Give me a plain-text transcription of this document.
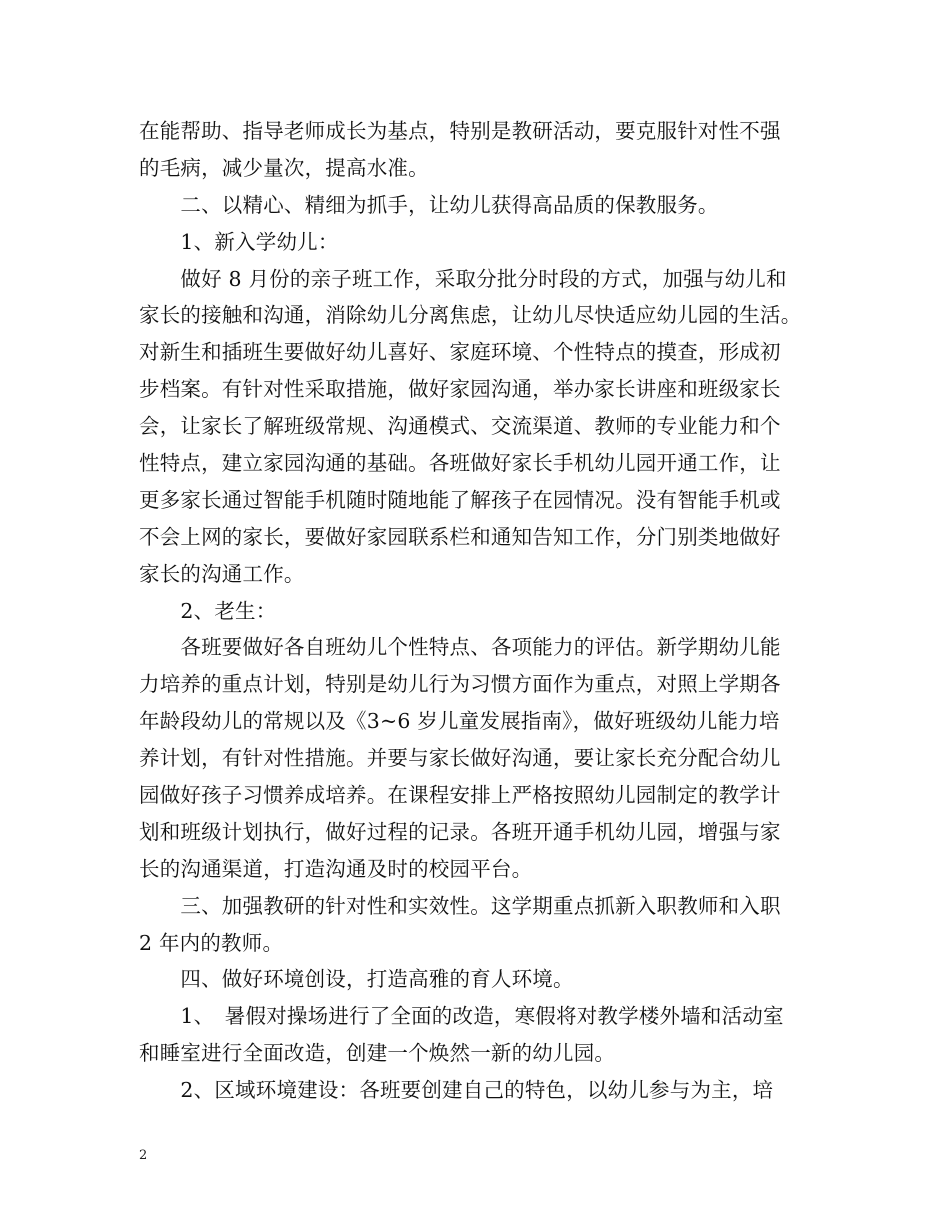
在能帮助、指导老师成长为基点，特别是教研活动，要克服针对性不强
的毛病，减少量次，提高水准。
　　二、以精心、精细为抓手，让幼儿获得高品质的保教服务。
　　1、新入学幼儿：
　　做好 8 月份的亲子班工作，采取分批分时段的方式，加强与幼儿和
家长的接触和沟通，消除幼儿分离焦虑，让幼儿尽快适应幼儿园的生活。
对新生和插班生要做好幼儿喜好、家庭环境、个性特点的摸查，形成初
步档案。有针对性采取措施，做好家园沟通，举办家长讲座和班级家长
会，让家长了解班级常规、沟通模式、交流渠道、教师的专业能力和个
性特点，建立家园沟通的基础。各班做好家长手机幼儿园开通工作，让
更多家长通过智能手机随时随地能了解孩子在园情况。没有智能手机或
不会上网的家长，要做好家园联系栏和通知告知工作，分门别类地做好
家长的沟通工作。
　　2、老生：
　　各班要做好各自班幼儿个性特点、各项能力的评估。新学期幼儿能
力培养的重点计划，特别是幼儿行为习惯方面作为重点，对照上学期各
年龄段幼儿的常规以及《3~6 岁儿童发展指南》，做好班级幼儿能力培
养计划，有针对性措施。并要与家长做好沟通，要让家长充分配合幼儿
园做好孩子习惯养成培养。在课程安排上严格按照幼儿园制定的教学计
划和班级计划执行，做好过程的记录。各班开通手机幼儿园，增强与家
长的沟通渠道，打造沟通及时的校园平台。
　　三、加强教研的针对性和实效性。这学期重点抓新入职教师和入职
2 年内的教师。
　　四、做好环境创设，打造高雅的育人环境。
　　1、　暑假对操场进行了全面的改造，寒假将对教学楼外墙和活动室
和睡室进行全面改造，创建一个焕然一新的幼儿园。
　　2、区域环境建设：各班要创建自己的特色，以幼儿参与为主，培
2
